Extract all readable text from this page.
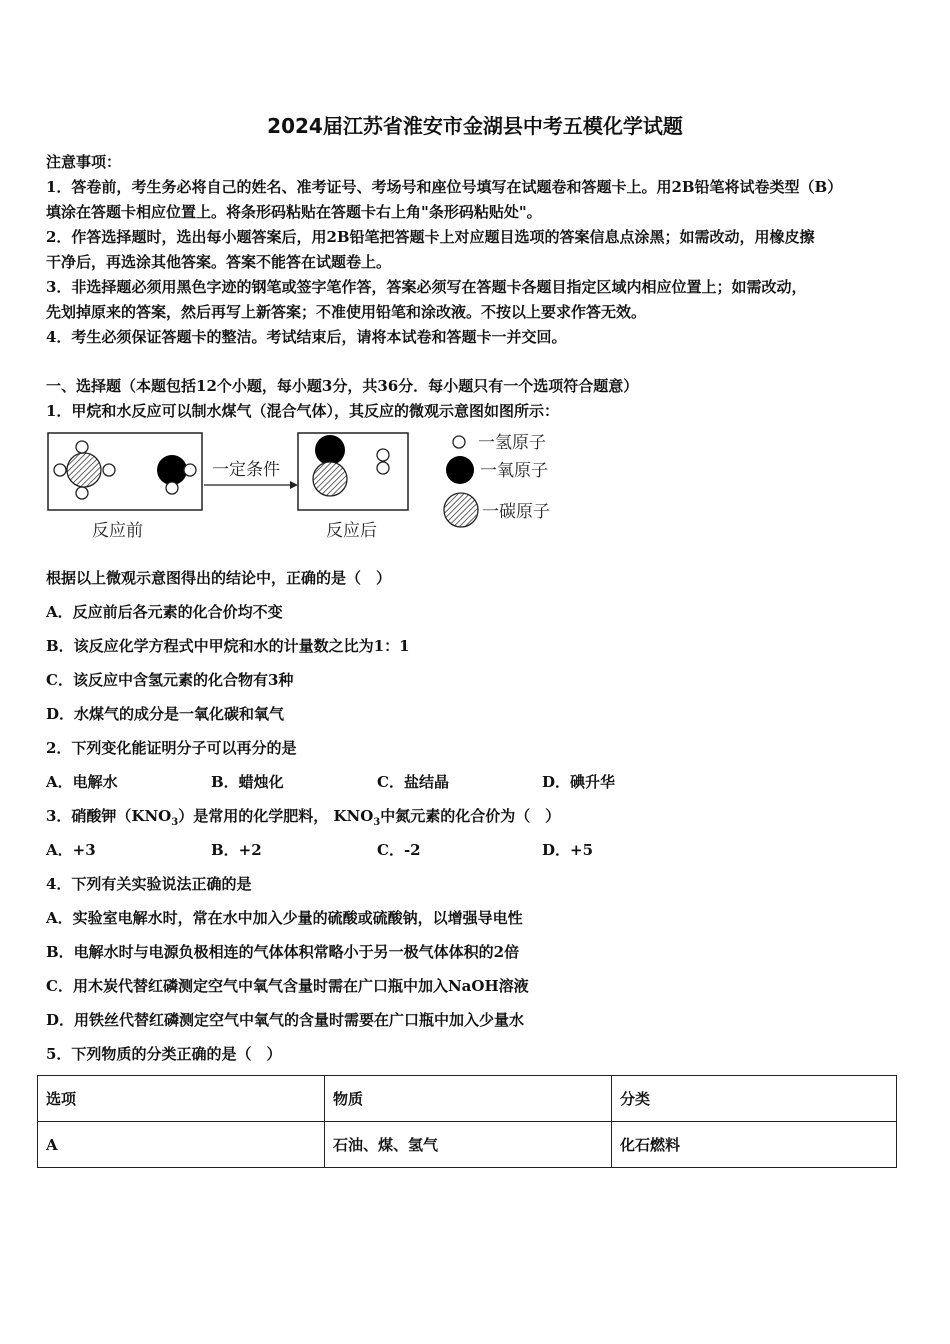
2024届江苏省淮安市金湖县中考五模化学试题
注意事项：
1．答卷前，考生务必将自己的姓名、准考证号、考场号和座位号填写在试题卷和答题卡上。用2B铅笔将试卷类型（B）
填涂在答题卡相应位置上。将条形码粘贴在答题卡右上角"条形码粘贴处"。
2．作答选择题时，选出每小题答案后，用2B铅笔把答题卡上对应题目选项的答案信息点涂黑；如需改动，用橡皮擦
干净后，再选涂其他答案。答案不能答在试题卷上。
3．非选择题必须用黑色字迹的钢笔或签字笔作答，答案必须写在答题卡各题目指定区域内相应位置上；如需改动，
先划掉原来的答案，然后再写上新答案；不准使用铅笔和涂改液。不按以上要求作答无效。
4．考生必须保证答题卡的整洁。考试结束后，请将本试卷和答题卡一并交回。
一、选择题（本题包括12个小题，每小题3分，共36分．每小题只有一个选项符合题意）
1．甲烷和水反应可以制水煤气（混合气体），其反应的微观示意图如图所示：
一定条件
反应前	反应后
一氢原子
一氧原子
一碳原子
根据以上微观示意图得出的结论中，正确的是（　）
A．反应前后各元素的化合价均不变
B．该反应化学方程式中甲烷和水的计量数之比为1：1
C．该反应中含氢元素的化合物有3种
D．水煤气的成分是一氧化碳和氧气
2．下列变化能证明分子可以再分的是
A．电解水	B．蜡烛化	C．盐结晶	D．碘升华
3．硝酸钾$(KNO_3)$是常用的化学肥料， $KNO_3$中氮元素的化合价为（　）
A．+3	B．+2	C．-2	D．+5
4．下列有关实验说法正确的是
A．实验室电解水时，常在水中加入少量的硫酸或硫酸钠，以增强导电性
B．电解水时与电源负极相连的气体体积常略小于另一极气体体积的2倍
C．用木炭代替红磷测定空气中氧气含量时需在广口瓶中加入NaOH溶液
D．用铁丝代替红磷测定空气中氧气的含量时需要在广口瓶中加入少量水
5．下列物质的分类正确的是（　）
选项	物质	分类
A	石油、煤、氢气	化石燃料
